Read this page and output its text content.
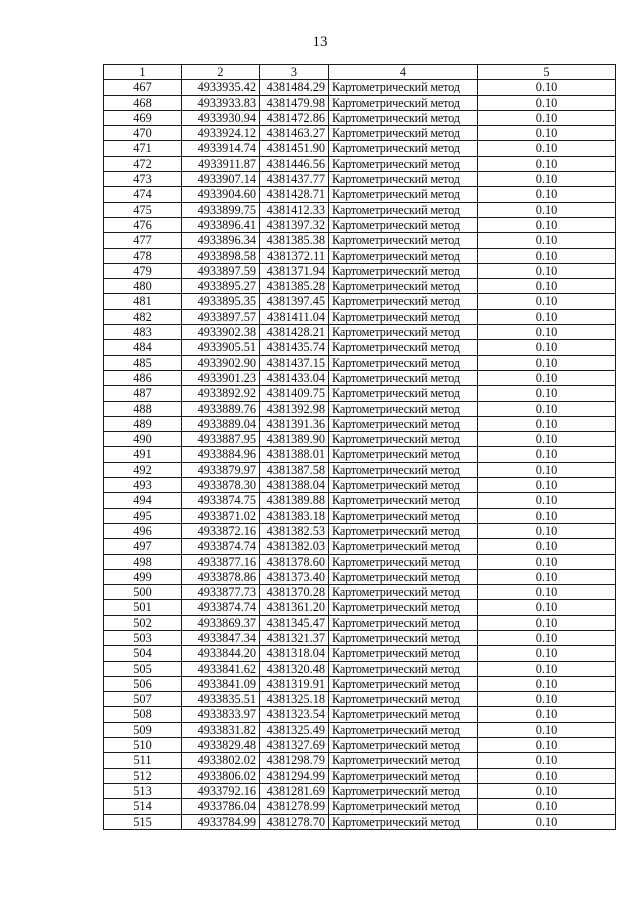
13
1	2	3	4	5
467	4933935.42	4381484.29	Картометрический метод	0.10
468	4933933.83	4381479.98	Картометрический метод	0.10
469	4933930.94	4381472.86	Картометрический метод	0.10
470	4933924.12	4381463.27	Картометрический метод	0.10
471	4933914.74	4381451.90	Картометрический метод	0.10
472	4933911.87	4381446.56	Картометрический метод	0.10
473	4933907.14	4381437.77	Картометрический метод	0.10
474	4933904.60	4381428.71	Картометрический метод	0.10
475	4933899.75	4381412.33	Картометрический метод	0.10
476	4933896.41	4381397.32	Картометрический метод	0.10
477	4933896.34	4381385.38	Картометрический метод	0.10
478	4933898.58	4381372.11	Картометрический метод	0.10
479	4933897.59	4381371.94	Картометрический метод	0.10
480	4933895.27	4381385.28	Картометрический метод	0.10
481	4933895.35	4381397.45	Картометрический метод	0.10
482	4933897.57	4381411.04	Картометрический метод	0.10
483	4933902.38	4381428.21	Картометрический метод	0.10
484	4933905.51	4381435.74	Картометрический метод	0.10
485	4933902.90	4381437.15	Картометрический метод	0.10
486	4933901.23	4381433.04	Картометрический метод	0.10
487	4933892.92	4381409.75	Картометрический метод	0.10
488	4933889.76	4381392.98	Картометрический метод	0.10
489	4933889.04	4381391.36	Картометрический метод	0.10
490	4933887.95	4381389.90	Картометрический метод	0.10
491	4933884.96	4381388.01	Картометрический метод	0.10
492	4933879.97	4381387.58	Картометрический метод	0.10
493	4933878.30	4381388.04	Картометрический метод	0.10
494	4933874.75	4381389.88	Картометрический метод	0.10
495	4933871.02	4381383.18	Картометрический метод	0.10
496	4933872.16	4381382.53	Картометрический метод	0.10
497	4933874.74	4381382.03	Картометрический метод	0.10
498	4933877.16	4381378.60	Картометрический метод	0.10
499	4933878.86	4381373.40	Картометрический метод	0.10
500	4933877.73	4381370.28	Картометрический метод	0.10
501	4933874.74	4381361.20	Картометрический метод	0.10
502	4933869.37	4381345.47	Картометрический метод	0.10
503	4933847.34	4381321.37	Картометрический метод	0.10
504	4933844.20	4381318.04	Картометрический метод	0.10
505	4933841.62	4381320.48	Картометрический метод	0.10
506	4933841.09	4381319.91	Картометрический метод	0.10
507	4933835.51	4381325.18	Картометрический метод	0.10
508	4933833.97	4381323.54	Картометрический метод	0.10
509	4933831.82	4381325.49	Картометрический метод	0.10
510	4933829.48	4381327.69	Картометрический метод	0.10
511	4933802.02	4381298.79	Картометрический метод	0.10
512	4933806.02	4381294.99	Картометрический метод	0.10
513	4933792.16	4381281.69	Картометрический метод	0.10
514	4933786.04	4381278.99	Картометрический метод	0.10
515	4933784.99	4381278.70	Картометрический метод	0.10
